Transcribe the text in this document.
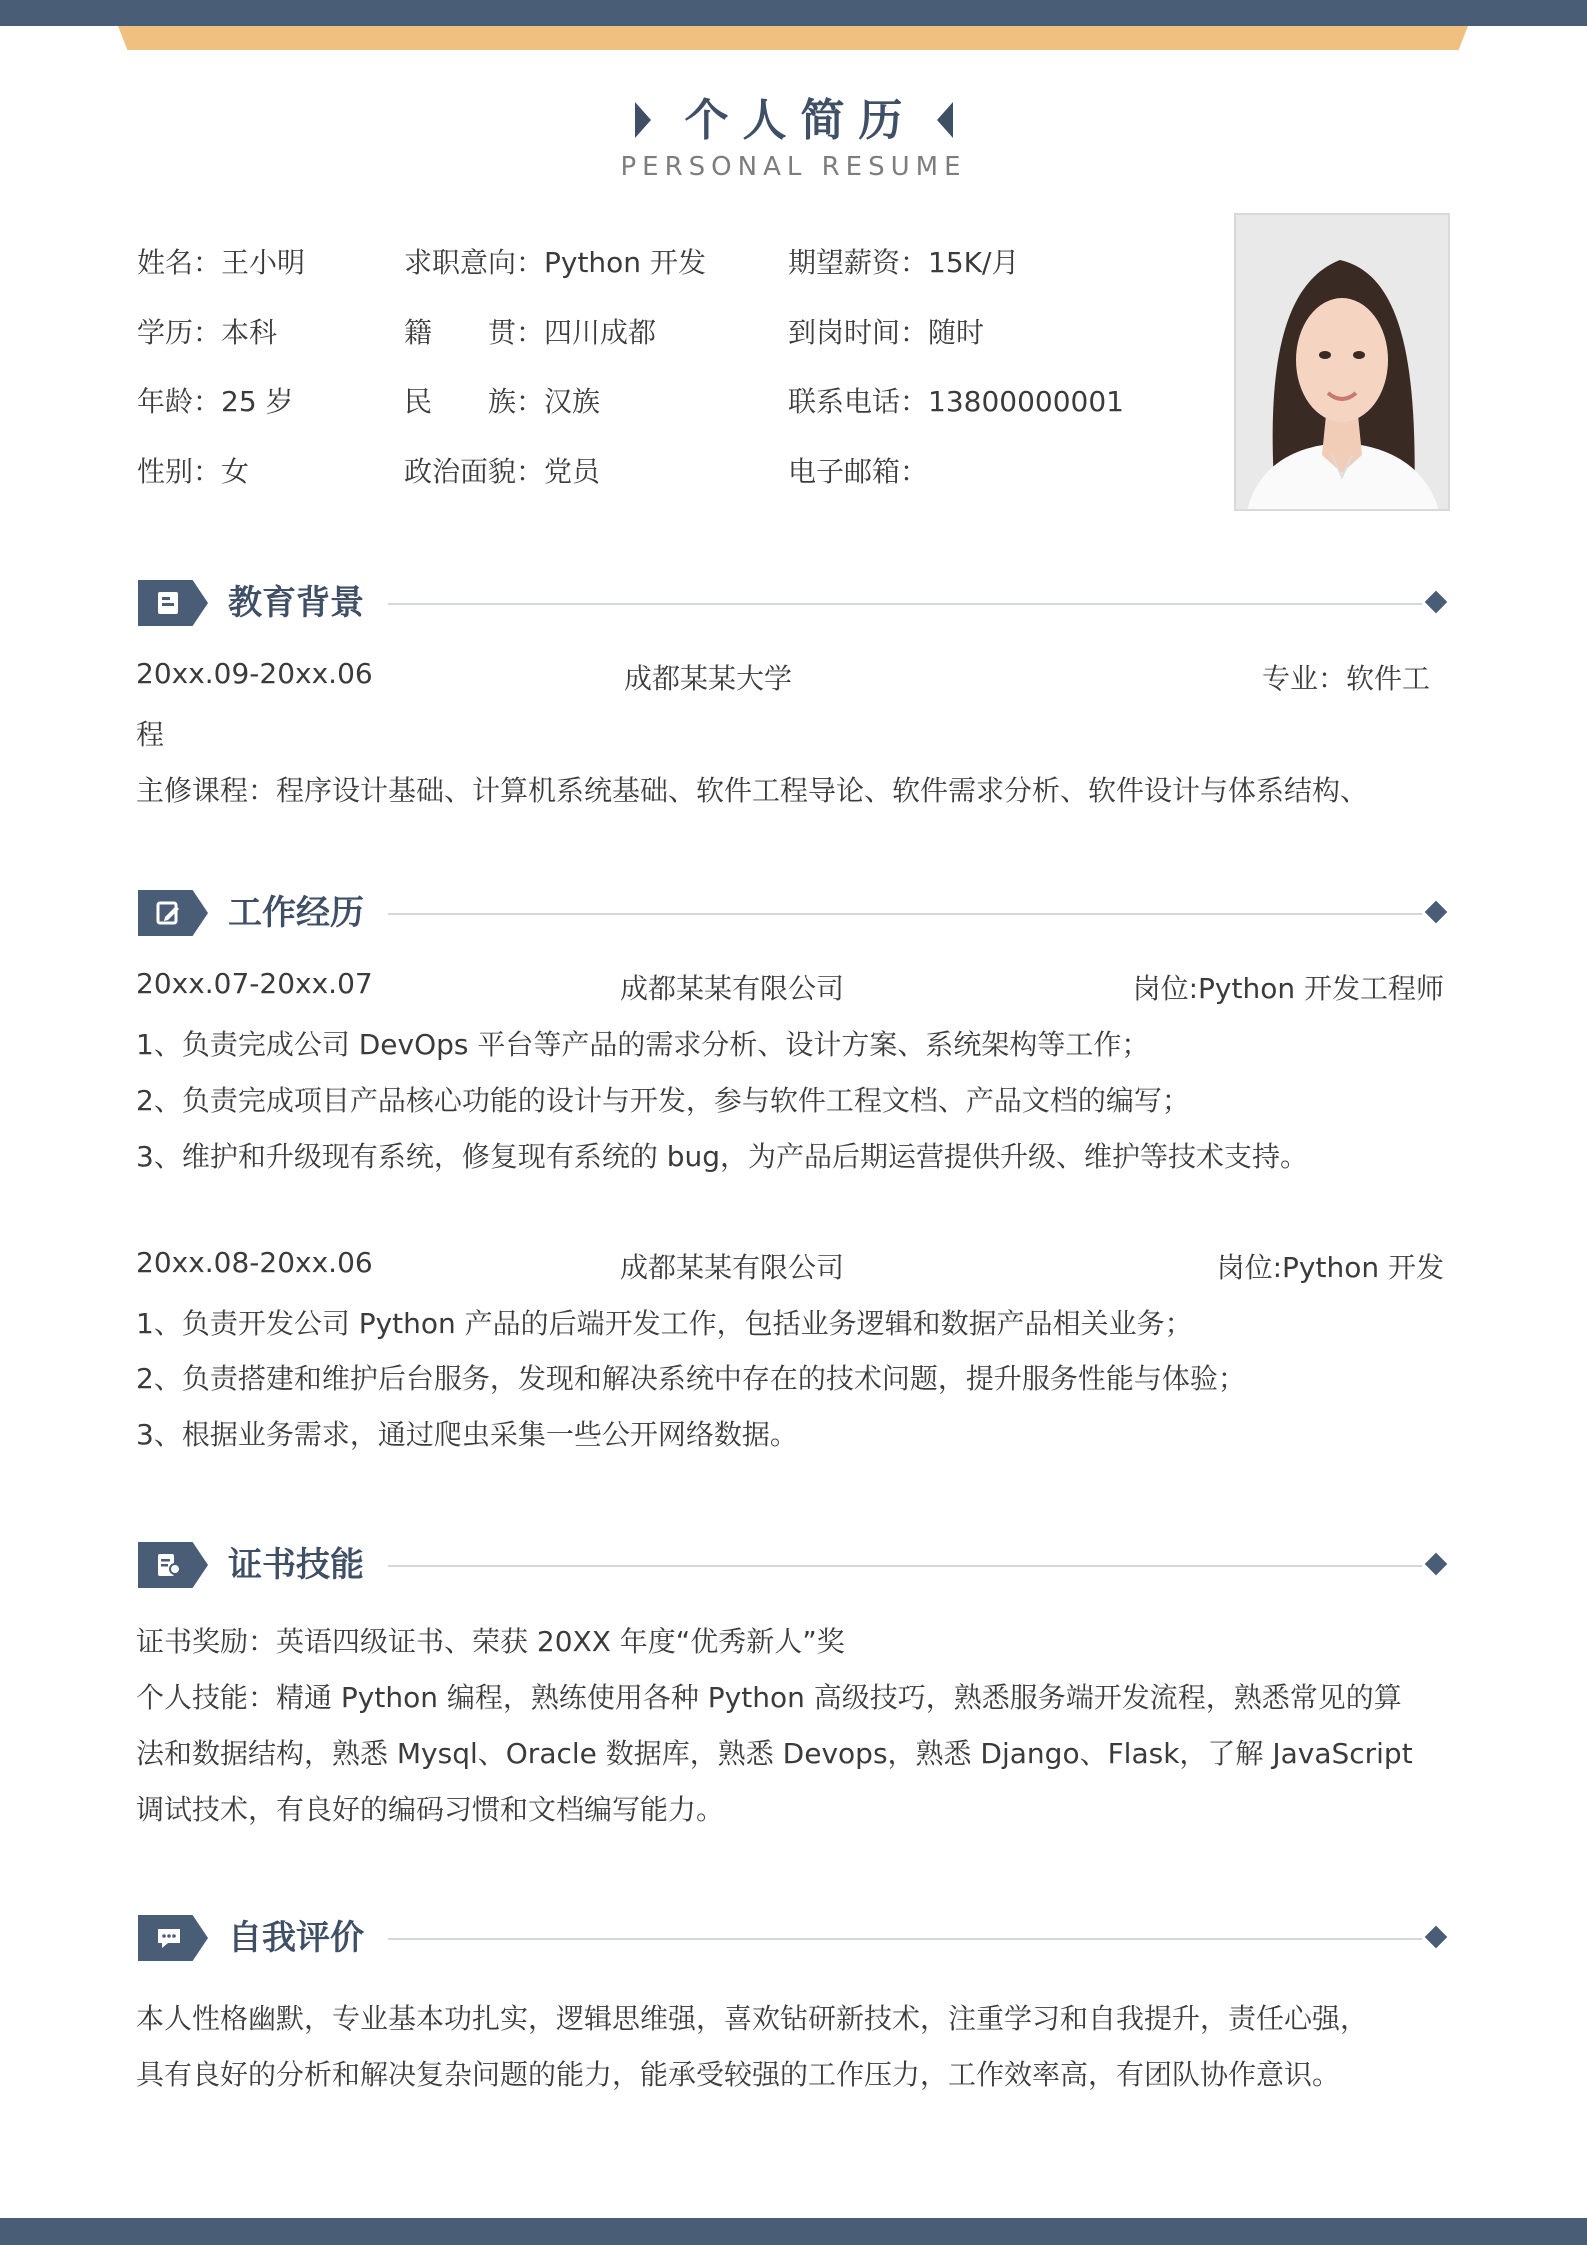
个人简历
PERSONAL RESUME
姓名：王小明	求职意向：Python 开发	期望薪资：15K/月
学历：本科	籍　　贯：四川成都	到岗时间：随时
年龄：25 岁	民　　族：汉族	联系电话：13800000001
性别：女	政治面貌：党员	电子邮箱：
教育背景
20xx.09-20xx.06	成都某某大学	专业：软件工
程
主修课程：程序设计基础、计算机系统基础、软件工程导论、软件需求分析、软件设计与体系结构、
工作经历
20xx.07-20xx.07	成都某某有限公司	岗位:Python 开发工程师
1、负责完成公司 DevOps 平台等产品的需求分析、设计方案、系统架构等工作；
2、负责完成项目产品核心功能的设计与开发，参与软件工程文档、产品文档的编写；
3、维护和升级现有系统，修复现有系统的 bug，为产品后期运营提供升级、维护等技术支持。
20xx.08-20xx.06	成都某某有限公司	岗位:Python 开发
1、负责开发公司 Python 产品的后端开发工作，包括业务逻辑和数据产品相关业务；
2、负责搭建和维护后台服务，发现和解决系统中存在的技术问题，提升服务性能与体验；
3、根据业务需求，通过爬虫采集一些公开网络数据。
证书技能
证书奖励：英语四级证书、荣获 20XX 年度“优秀新人”奖
个人技能：精通 Python 编程，熟练使用各种 Python 高级技巧，熟悉服务端开发流程，熟悉常见的算
法和数据结构，熟悉 Mysql、Oracle 数据库，熟悉 Devops，熟悉 Django、Flask，了解 JavaScript
调试技术，有良好的编码习惯和文档编写能力。
自我评价
本人性格幽默，专业基本功扎实，逻辑思维强，喜欢钻研新技术，注重学习和自我提升，责任心强，
具有良好的分析和解决复杂问题的能力，能承受较强的工作压力，工作效率高，有团队协作意识。
